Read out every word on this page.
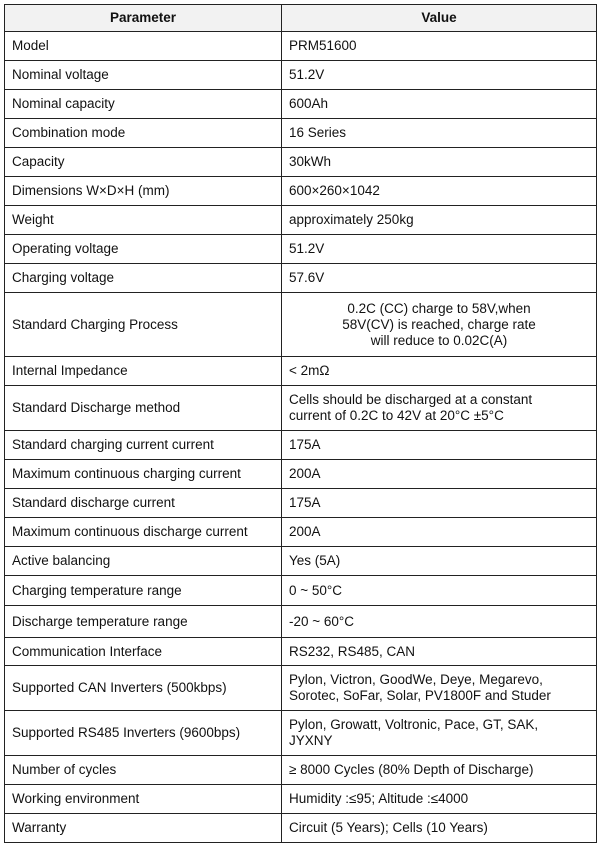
Parameter	Value
Model	PRM51600

Nominal voltage	51.2V

Nominal capacity	600Ah

Combination mode	16 Series

Capacity	30kWh

Dimensions W×D×H (mm)	600×260×1042

Weight	approximately 250kg

Operating voltage	51.2V

Charging voltage	57.6V

Standard Charging Process	0.2C (CC) charge to 58V,when
58V(CV) is reached, charge rate
will reduce to 0.02C(A)

Internal Impedance	< 2mΩ

Standard Discharge method	Cells should be discharged at a constant
current of 0.2C to 42V at 20°C ±5°C

Standard charging current current	175A

Maximum continuous charging current	200A

Standard discharge current	175A

Maximum continuous discharge current	200A

Active balancing	Yes (5A)

Charging temperature range	0 ~ 50°C

Discharge temperature range	-20 ~ 60°C

Communication Interface	RS232, RS485, CAN

Supported CAN Inverters (500kbps)	Pylon, Victron, GoodWe, Deye, Megarevo,
Sorotec, SoFar, Solar, PV1800F and Studer

Supported RS485 Inverters (9600bps)	Pylon, Growatt, Voltronic, Pace, GT, SAK,
JYXNY

Number of cycles	≥ 8000 Cycles (80% Depth of Discharge)

Working environment	Humidity :≤95; Altitude :≤4000

Warranty	Circuit (5 Years); Cells (10 Years)
